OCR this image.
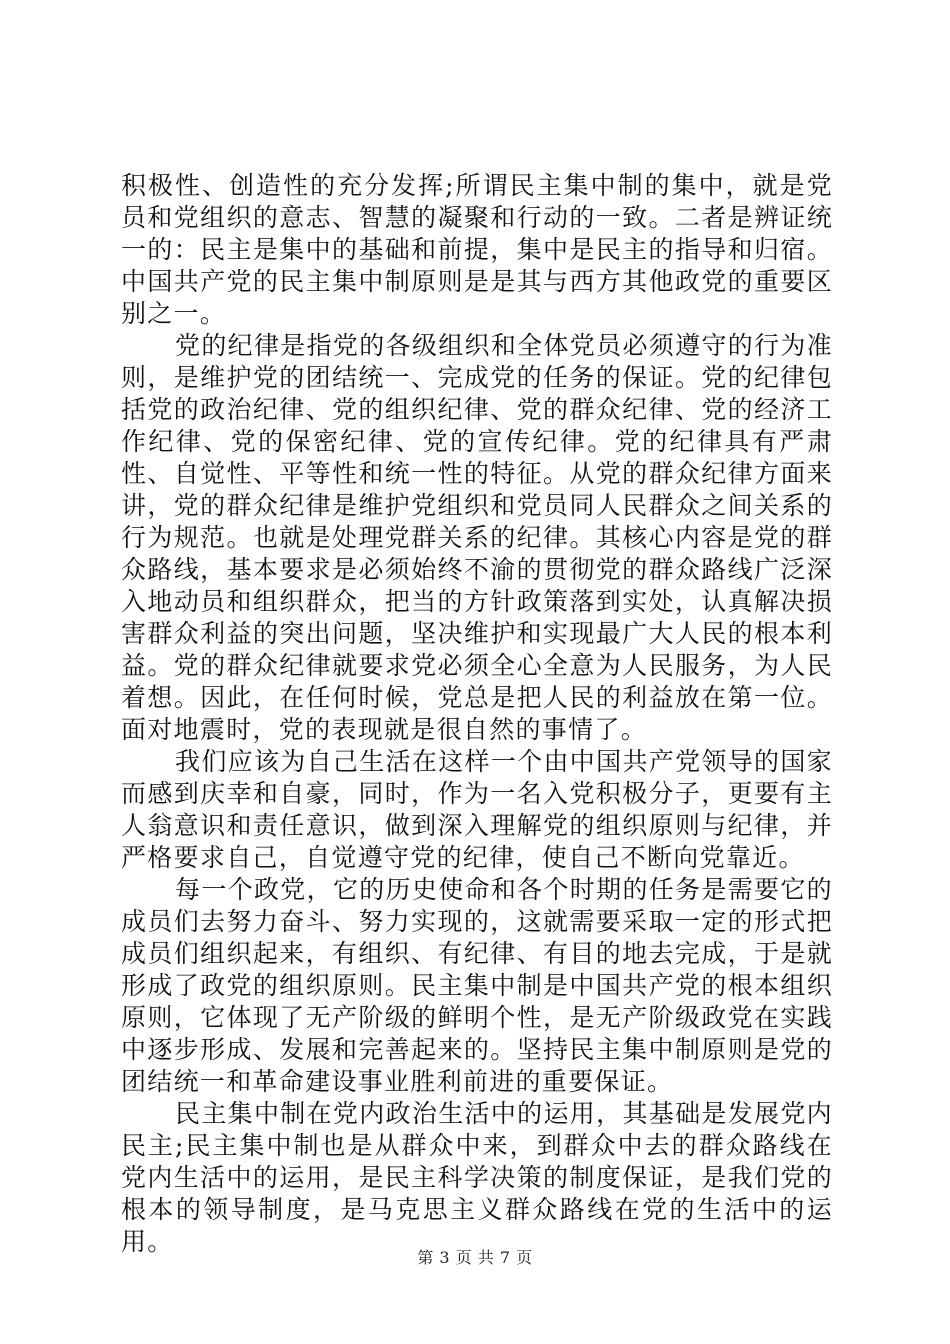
积极性、创造性的充分发挥;所谓民主集中制的集中，就是党员和党组织的意志、智慧的凝聚和行动的一致。二者是辨证统一的：民主是集中的基础和前提，集中是民主的指导和归宿。中国共产党的民主集中制原则是是其与西方其他政党的重要区别之一。

党的纪律是指党的各级组织和全体党员必须遵守的行为准则，是维护党的团结统一、完成党的任务的保证。党的纪律包括党的政治纪律、党的组织纪律、党的群众纪律、党的经济工作纪律、党的保密纪律、党的宣传纪律。党的纪律具有严肃性、自觉性、平等性和统一性的特征。从党的群众纪律方面来讲，党的群众纪律是维护党组织和党员同人民群众之间关系的行为规范。也就是处理党群关系的纪律。其核心内容是党的群众路线，基本要求是必须始终不渝的贯彻党的群众路线广泛深入地动员和组织群众，把当的方针政策落到实处，认真解决损害群众利益的突出问题，坚决维护和实现最广大人民的根本利益。党的群众纪律就要求党必须全心全意为人民服务，为人民着想。因此，在任何时候，党总是把人民的利益放在第一位。面对地震时，党的表现就是很自然的事情了。

我们应该为自己生活在这样一个由中国共产党领导的国家而感到庆幸和自豪，同时，作为一名入党积极分子，更要有主人翁意识和责任意识，做到深入理解党的组织原则与纪律，并严格要求自己，自觉遵守党的纪律，使自己不断向党靠近。

每一个政党，它的历史使命和各个时期的任务是需要它的成员们去努力奋斗、努力实现的，这就需要采取一定的形式把成员们组织起来，有组织、有纪律、有目的地去完成，于是就形成了政党的组织原则。民主集中制是中国共产党的根本组织原则，它体现了无产阶级的鲜明个性，是无产阶级政党在实践中逐步形成、发展和完善起来的。坚持民主集中制原则是党的团结统一和革命建设事业胜利前进的重要保证。

民主集中制在党内政治生活中的运用，其基础是发展党内民主;民主集中制也是从群众中来，到群众中去的群众路线在党内生活中的运用，是民主科学决策的制度保证，是我们党的根本的领导制度，是马克思主义群众路线在党的生活中的运用。

第 3 页 共 7 页
